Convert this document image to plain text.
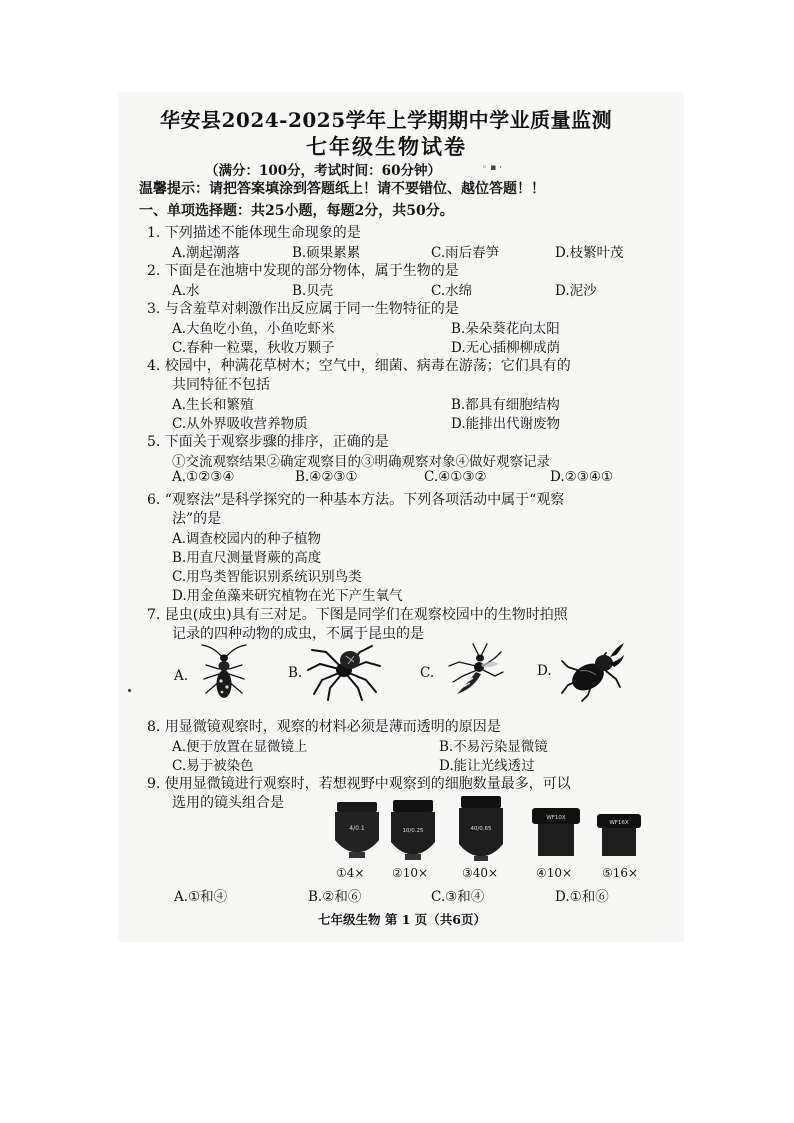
华安县2024-2025学年上学期期中学业质量监测
七年级生物试卷
（满分：100分，考试时间：60分钟）	◦ ▪ ·
温馨提示：请把答案填涂到答题纸上！请不要错位、越位答题！！
一、单项选择题：共25小题，每题2分，共50分。
1. 下列描述不能体现生命现象的是
A.潮起潮落	B.硕果累累	C.雨后春笋	D.枝繁叶茂
2. 下面是在池塘中发现的部分物体，属于生物的是
A.水	B.贝壳	C.水绵	D.泥沙
3. 与含羞草对刺激作出反应属于同一生物特征的是
A.大鱼吃小鱼，小鱼吃虾米	B.朵朵葵花向太阳
C.春种一粒粟，秋收万颗子	D.无心插柳柳成荫
4. 校园中，种满花草树木；空气中，细菌、病毒在游荡；它们具有的
共同特征不包括
A.生长和繁殖	B.都具有细胞结构
C.从外界吸收营养物质	D.能排出代谢废物
5. 下面关于观察步骤的排序，正确的是
①交流观察结果②确定观察目的③明确观察对象④做好观察记录
A.①②③④	B.④②③①	C.④①③②	D.②③④①
6. “观察法”是科学探究的一种基本方法。下列各项活动中属于“观察
法”的是
A.调查校园内的种子植物
B.用直尺测量肾蕨的高度
C.用鸟类智能识别系统识别鸟类
D.用金鱼藻来研究植物在光下产生氧气
7. 昆虫(成虫)具有三对足。下图是同学们在观察校园中的生物时拍照
记录的四种动物的成虫，不属于昆虫的是
A.	B.	C.	D.
8. 用显微镜观察时，观察的材料必须是薄而透明的原因是
A.便于放置在显微镜上	B.不易污染显微镜
C.易于被染色	D.能让光线透过
9. 使用显微镜进行观察时，若想视野中观察到的细胞数量最多，可以
选用的镜头组合是
4/0.1	10/0.25	40/0.65
WF10X
WF16X
①4× ②10×	③40×	④10× ⑤16×
A.①和④	B.②和⑥	C.③和④	D.①和⑥
七年级生物 第 1 页（共6页）
